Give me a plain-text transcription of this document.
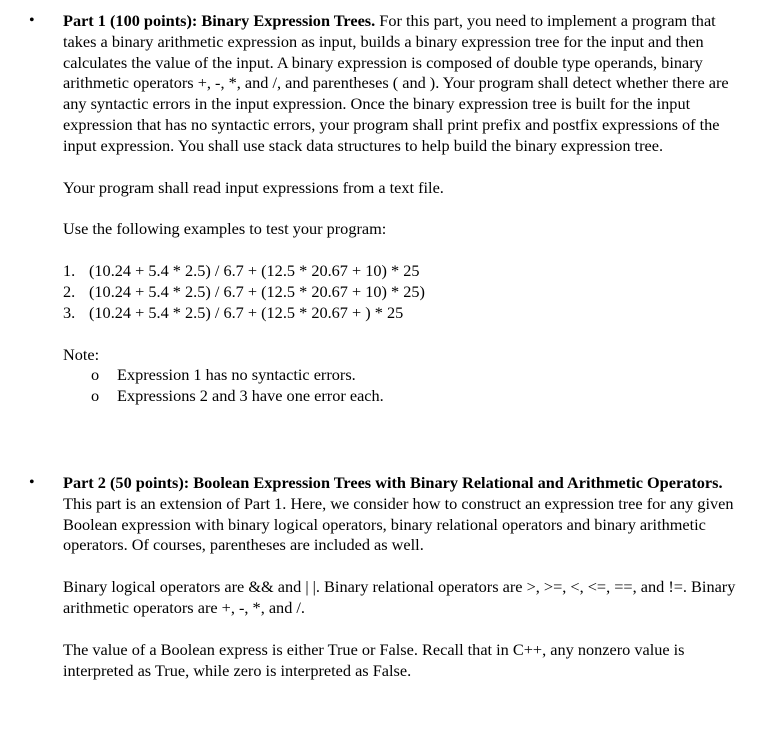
• Part 1 (100 points): Binary Expression Trees. For this part, you need to implement a program that takes a binary arithmetic expression as input, builds a binary expression tree for the input and then calculates the value of the input. A binary expression is composed of double type operands, binary arithmetic operators +, -, *, and /, and parentheses ( and ). Your program shall detect whether there are any syntactic errors in the input expression. Once the binary expression tree is built for the input expression that has no syntactic errors, your program shall print prefix and postfix expressions of the input expression. You shall use stack data structures to help build the binary expression tree.

Your program shall read input expressions from a text file.

Use the following examples to test your program:

1. (10.24 + 5.4 * 2.5) / 6.7 + (12.5 * 20.67 + 10) * 25
2. (10.24 + 5.4 * 2.5) / 6.7 + (12.5 * 20.67 + 10) * 25)
3. (10.24 + 5.4 * 2.5) / 6.7 + (12.5 * 20.67 + ) * 25

Note:

o	Expression 1 has no syntactic errors.
o	Expressions 2 and 3 have one error each.
• Part 2 (50 points): Boolean Expression Trees with Binary Relational and Arithmetic Operators. This part is an extension of Part 1. Here, we consider how to construct an expression tree for any given Boolean expression with binary logical operators, binary relational operators and binary arithmetic operators. Of courses, parentheses are included as well.

Binary logical operators are && and | |. Binary relational operators are >, >=, <, <=, ==, and !=. Binary arithmetic operators are +, -, *, and /.

The value of a Boolean express is either True or False. Recall that in C++, any nonzero value is interpreted as True, while zero is interpreted as False.
